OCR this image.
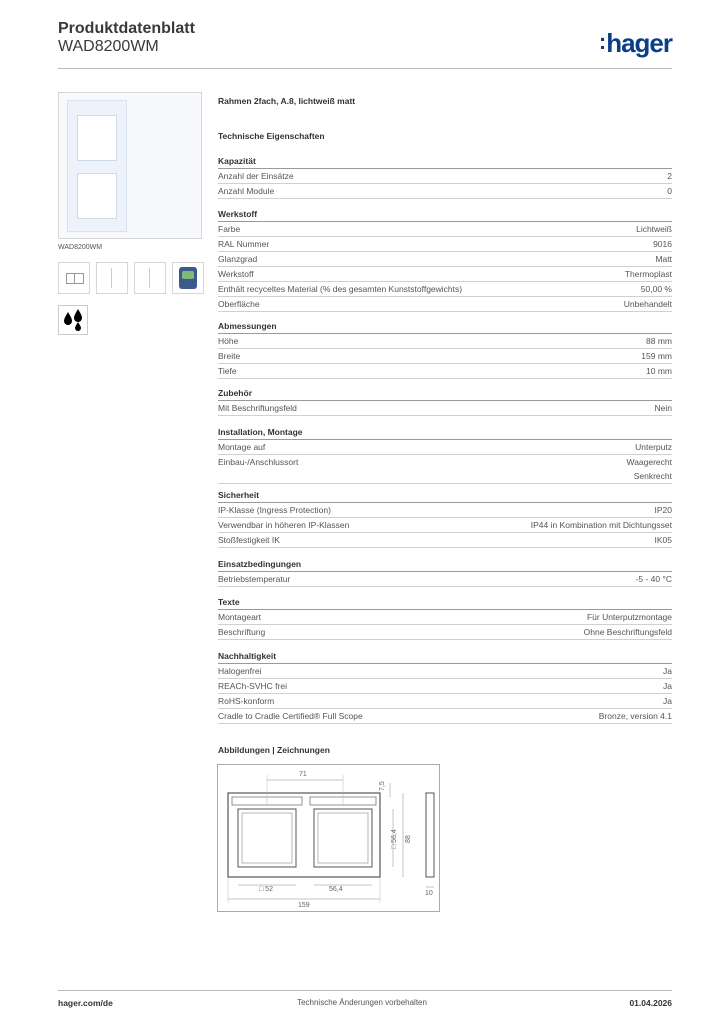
Produktdatenblatt
WAD8200WM	:hager
WAD8200WM
Rahmen 2fach, A.8, lichtweiß matt
Technische Eigenschaften
Kapazität
Anzahl der Einsätze	2
Anzahl Module	0
Werkstoff
Farbe	Lichtweiß
RAL Nummer	9016
Glanzgrad	Matt
Werkstoff	Thermoplast
Enthält recyceltes Material (% des gesamten Kunststoffgewichts)	50,00 %
Oberfläche	Unbehandelt
Abmessungen
Höhe	88 mm
Breite	159 mm
Tiefe	10 mm
Zubehör
Mit Beschriftungsfeld	Nein
Installation, Montage
Montage auf	Unterputz
Einbau-/Anschlussort	Waagerecht
Senkrecht
Sicherheit
IP-Klasse (Ingress Protection)	IP20
Verwendbar in höheren IP-Klassen	IP44 in Kombination mit Dichtungsset
Stoßfestigkeit IK	IK05
Einsatzbedingungen
Betriebstemperatur	-5 - 40 °C
Texte
Montageart	Für Unterputzmontage
Beschriftung	Ohne Beschriftungsfeld
Nachhaltigkeit
Halogenfrei	Ja
REACh-SVHC frei	Ja
RoHS-konform	Ja
Cradle to Cradle Certified® Full Scope	Bronze, version 4.1
Abbildungen | Zeichnungen
71
7,5
□ 56,4 88
□ 52	56,4
159
10
hager.com/de	Technische Änderungen vorbehalten	01.04.2026
